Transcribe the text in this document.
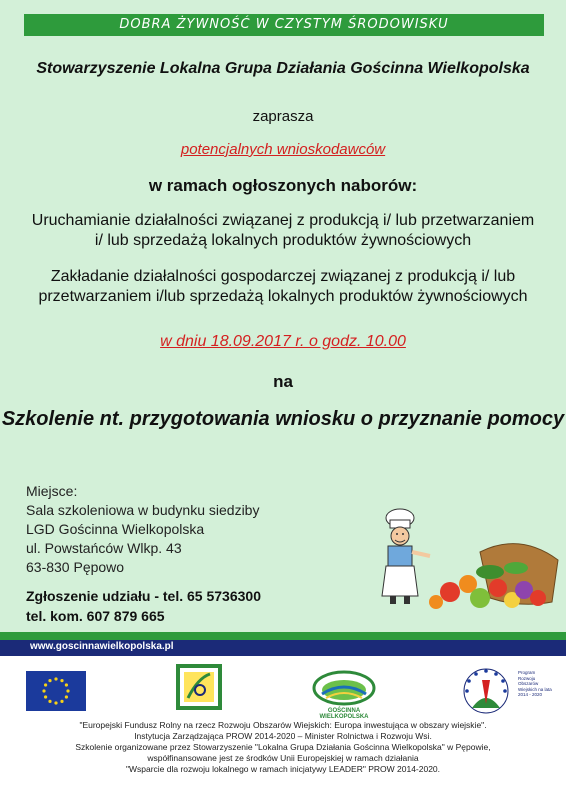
DOBRA ŻYWNOŚĆ W CZYSTYM ŚRODOWISKU
Stowarzyszenie Lokalna Grupa Działania Gościnna Wielkopolska
zaprasza
potencjalnych wnioskodawców
w ramach ogłoszonych naborów:
Uruchamianie działalności związanej z produkcją i/ lub przetwarzaniem i/ lub sprzedażą lokalnych produktów żywnościowych
Zakładanie działalności gospodarczej związanej z produkcją i/ lub przetwarzaniem i/lub sprzedażą lokalnych produktów żywnościowych
w dniu 18.09.2017 r. o godz. 10.00
na
Szkolenie nt. przygotowania wniosku o przyznanie pomocy
Miejsce:
Sala szkoleniowa w budynku siedziby
LGD Gościnna Wielkopolska
ul. Powstańców Wlkp. 43
63-830 Pępowo
Zgłoszenie udziału - tel. 65 5736300
tel. kom. 607 879 665
www.goscinnawielkopolska.pl
GOŚCINNA WIELKOPOLSKA
Program Rozwoju Obszarów Wiejskich na lata 2014 - 2020
"Europejski Fundusz Rolny na rzecz Rozwoju Obszarów Wiejskich: Europa inwestująca w obszary wiejskie".
Instytucja Zarządzająca PROW 2014-2020 – Minister Rolnictwa i Rozwoju Wsi.
Szkolenie organizowane przez Stowarzyszenie "Lokalna Grupa Działania Gościnna Wielkopolska" w Pępowie,
współfinansowane jest ze środków Unii Europejskiej w ramach działania
"Wsparcie dla rozwoju lokalnego w ramach inicjatywy LEADER" PROW 2014-2020.
